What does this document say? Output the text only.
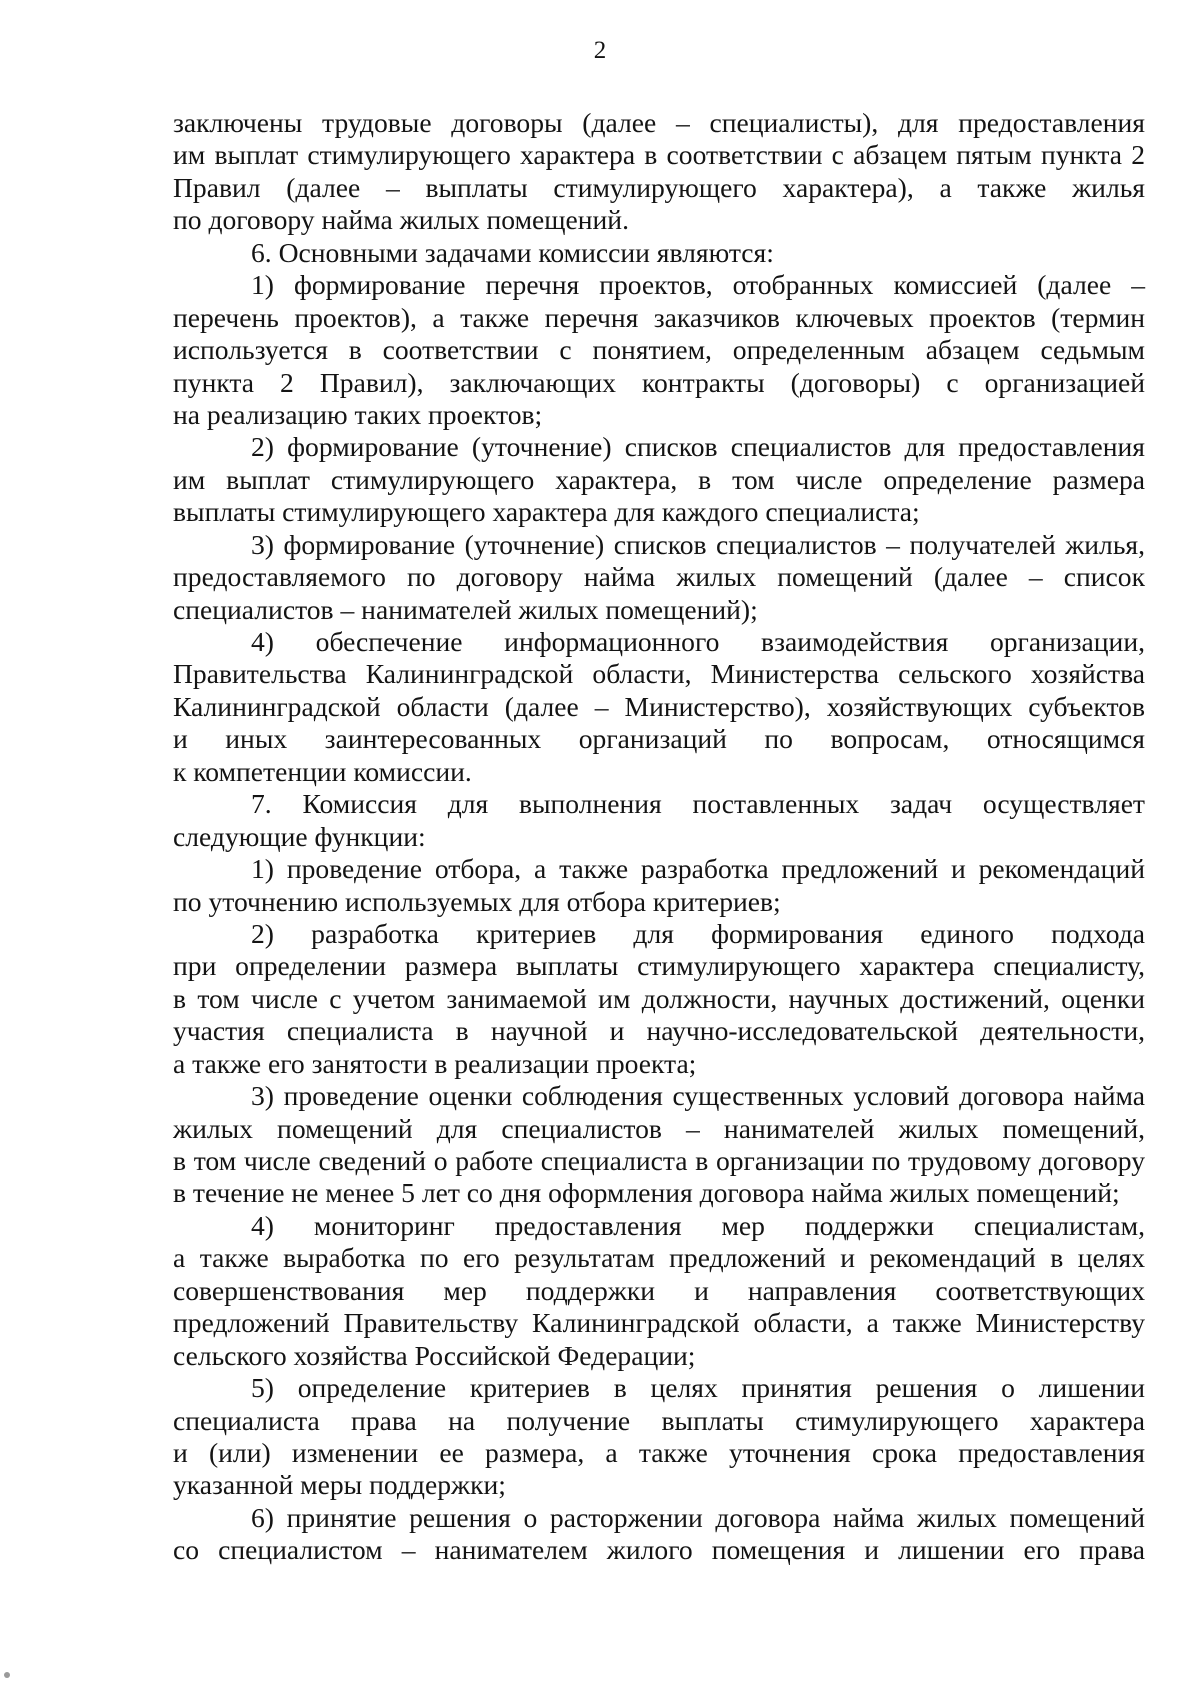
2
заключены трудовые договоры (далее – специалисты), для предоставления
им выплат стимулирующего характера в соответствии с абзацем пятым пункта 2
Правил (далее – выплаты стимулирующего характера), а также жилья
по договору найма жилых помещений.
6. Основными задачами комиссии являются:
1) формирование перечня проектов, отобранных комиссией (далее –
перечень проектов), а также перечня заказчиков ключевых проектов (термин
используется в соответствии с понятием, определенным абзацем седьмым
пункта 2 Правил), заключающих контракты (договоры) с организацией
на реализацию таких проектов;
2) формирование (уточнение) списков специалистов для предоставления
им выплат стимулирующего характера, в том числе определение размера
выплаты стимулирующего характера для каждого специалиста;
3) формирование (уточнение) списков специалистов – получателей жилья,
предоставляемого по договору найма жилых помещений (далее – список
специалистов – нанимателей жилых помещений);
4) обеспечение информационного взаимодействия организации,
Правительства Калининградской области, Министерства сельского хозяйства
Калининградской области (далее – Министерство), хозяйствующих субъектов
и иных заинтересованных организаций по вопросам, относящимся
к компетенции комиссии.
7. Комиссия для выполнения поставленных задач осуществляет
следующие функции:
1) проведение отбора, а также разработка предложений и рекомендаций
по уточнению используемых для отбора критериев;
2) разработка критериев для формирования единого подхода
при определении размера выплаты стимулирующего характера специалисту,
в том числе с учетом занимаемой им должности, научных достижений, оценки
участия специалиста в научной и научно-исследовательской деятельности,
а также его занятости в реализации проекта;
3) проведение оценки соблюдения существенных условий договора найма
жилых помещений для специалистов – нанимателей жилых помещений,
в том числе сведений о работе специалиста в организации по трудовому договору
в течение не менее 5 лет со дня оформления договора найма жилых помещений;
4) мониторинг предоставления мер поддержки специалистам,
а также выработка по его результатам предложений и рекомендаций в целях
совершенствования мер поддержки и направления соответствующих
предложений Правительству Калининградской области, а также Министерству
сельского хозяйства Российской Федерации;
5) определение критериев в целях принятия решения о лишении
специалиста права на получение выплаты стимулирующего характера
и (или) изменении ее размера, а также уточнения срока предоставления
указанной меры поддержки;
6) принятие решения о расторжении договора найма жилых помещений
со специалистом – нанимателем жилого помещения и лишении его права
